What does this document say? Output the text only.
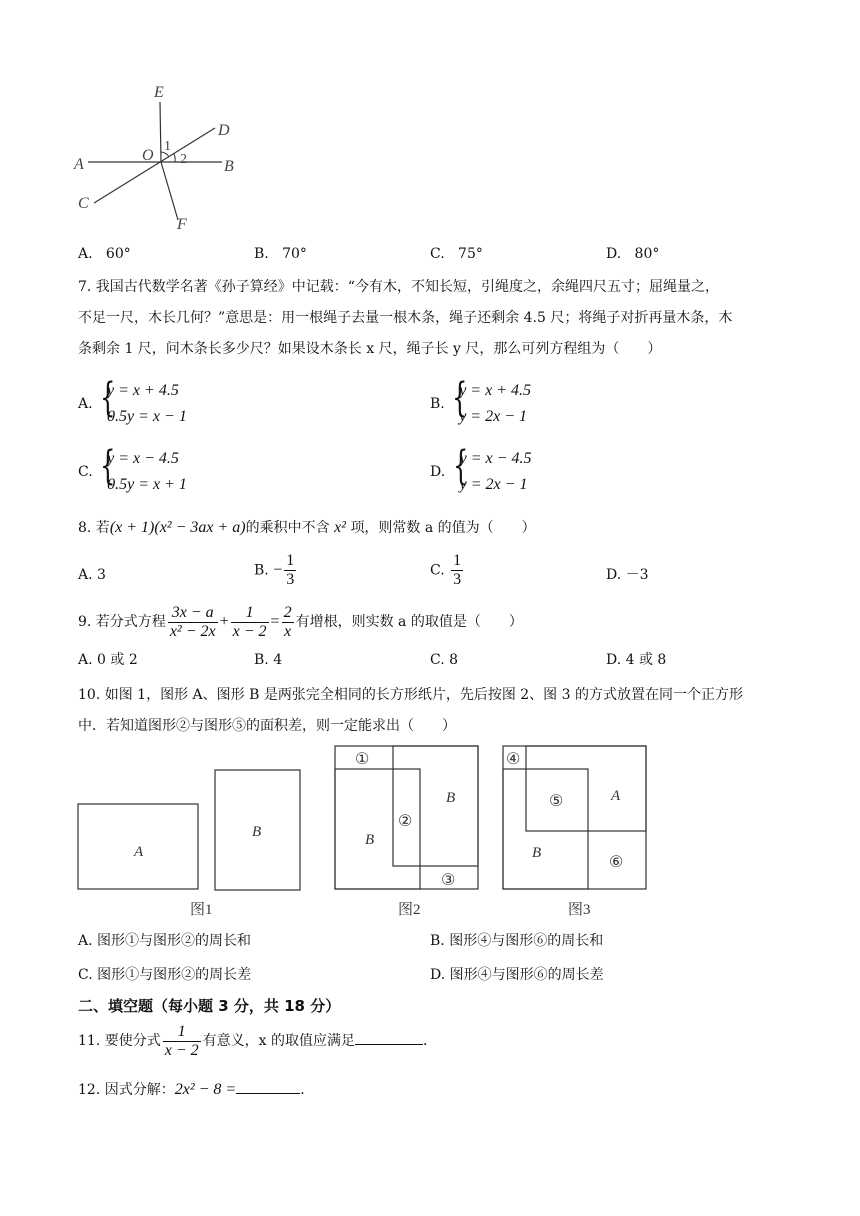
E
D
O
1
2
A	B
C
F
A. 60°	B. 70°	C. 75°	D. 80°
7. 我国古代数学名著《孙子算经》中记载：“今有木，不知长短，引绳度之，余绳四尺五寸；屈绳量之，
不足一尺，木长几何？”意思是：用一根绳子去量一根木条，绳子还剩余 4.5 尺；将绳子对折再量木条，木
条剩余 1 尺，问木条长多少尺？如果设木条长 x 尺，绳子长 y 尺，那么可列方程组为（　　）
A. {
y = x + 4.5
0.5y = x − 1
B. {
y = x + 4.5
y = 2x − 1
C. {
y = x − 4.5
0.5y = x + 1
D. {
y = x − 4.5
y = 2x − 1
8. 若(x + 1)(x² − 3ax + a)的乘积中不含 x² 项，则常数 a 的值为（　　）
A. 3	B. − $\frac{1}{3}$	C. $\frac{1}{3}$	D. －3
9. 若分式方程 $\frac{3x - a}{\text{x² − 2x}} + \frac{1}{x - 2} = \frac{2}{x}$ 有增根，则实数 a 的取值是（　　）
A. 0 或 2	B. 4	C. 8	D. 4 或 8
10. 如图 1，图形 A、图形 B 是两张完全相同的长方形纸片，先后按图 2、图 3 的方式放置在同一个正方形
中．若知道图形②与图形⑤的面积差，则一定能求出（　　）
A
B
图1
①
②
③
B
B
图2
④
⑤
⑥
A
B
图3
A. 图形①与图形②的周长和	B. 图形④与图形⑥的周长和
C. 图形①与图形②的周长差	D. 图形④与图形⑥的周长差
二、填空题（每小题 3 分，共 18 分）
11. 要使分式 $\frac{1}{x - 2}$ 有意义，x 的取值应满足	．
12. 因式分解：2x² − 8 =	．
